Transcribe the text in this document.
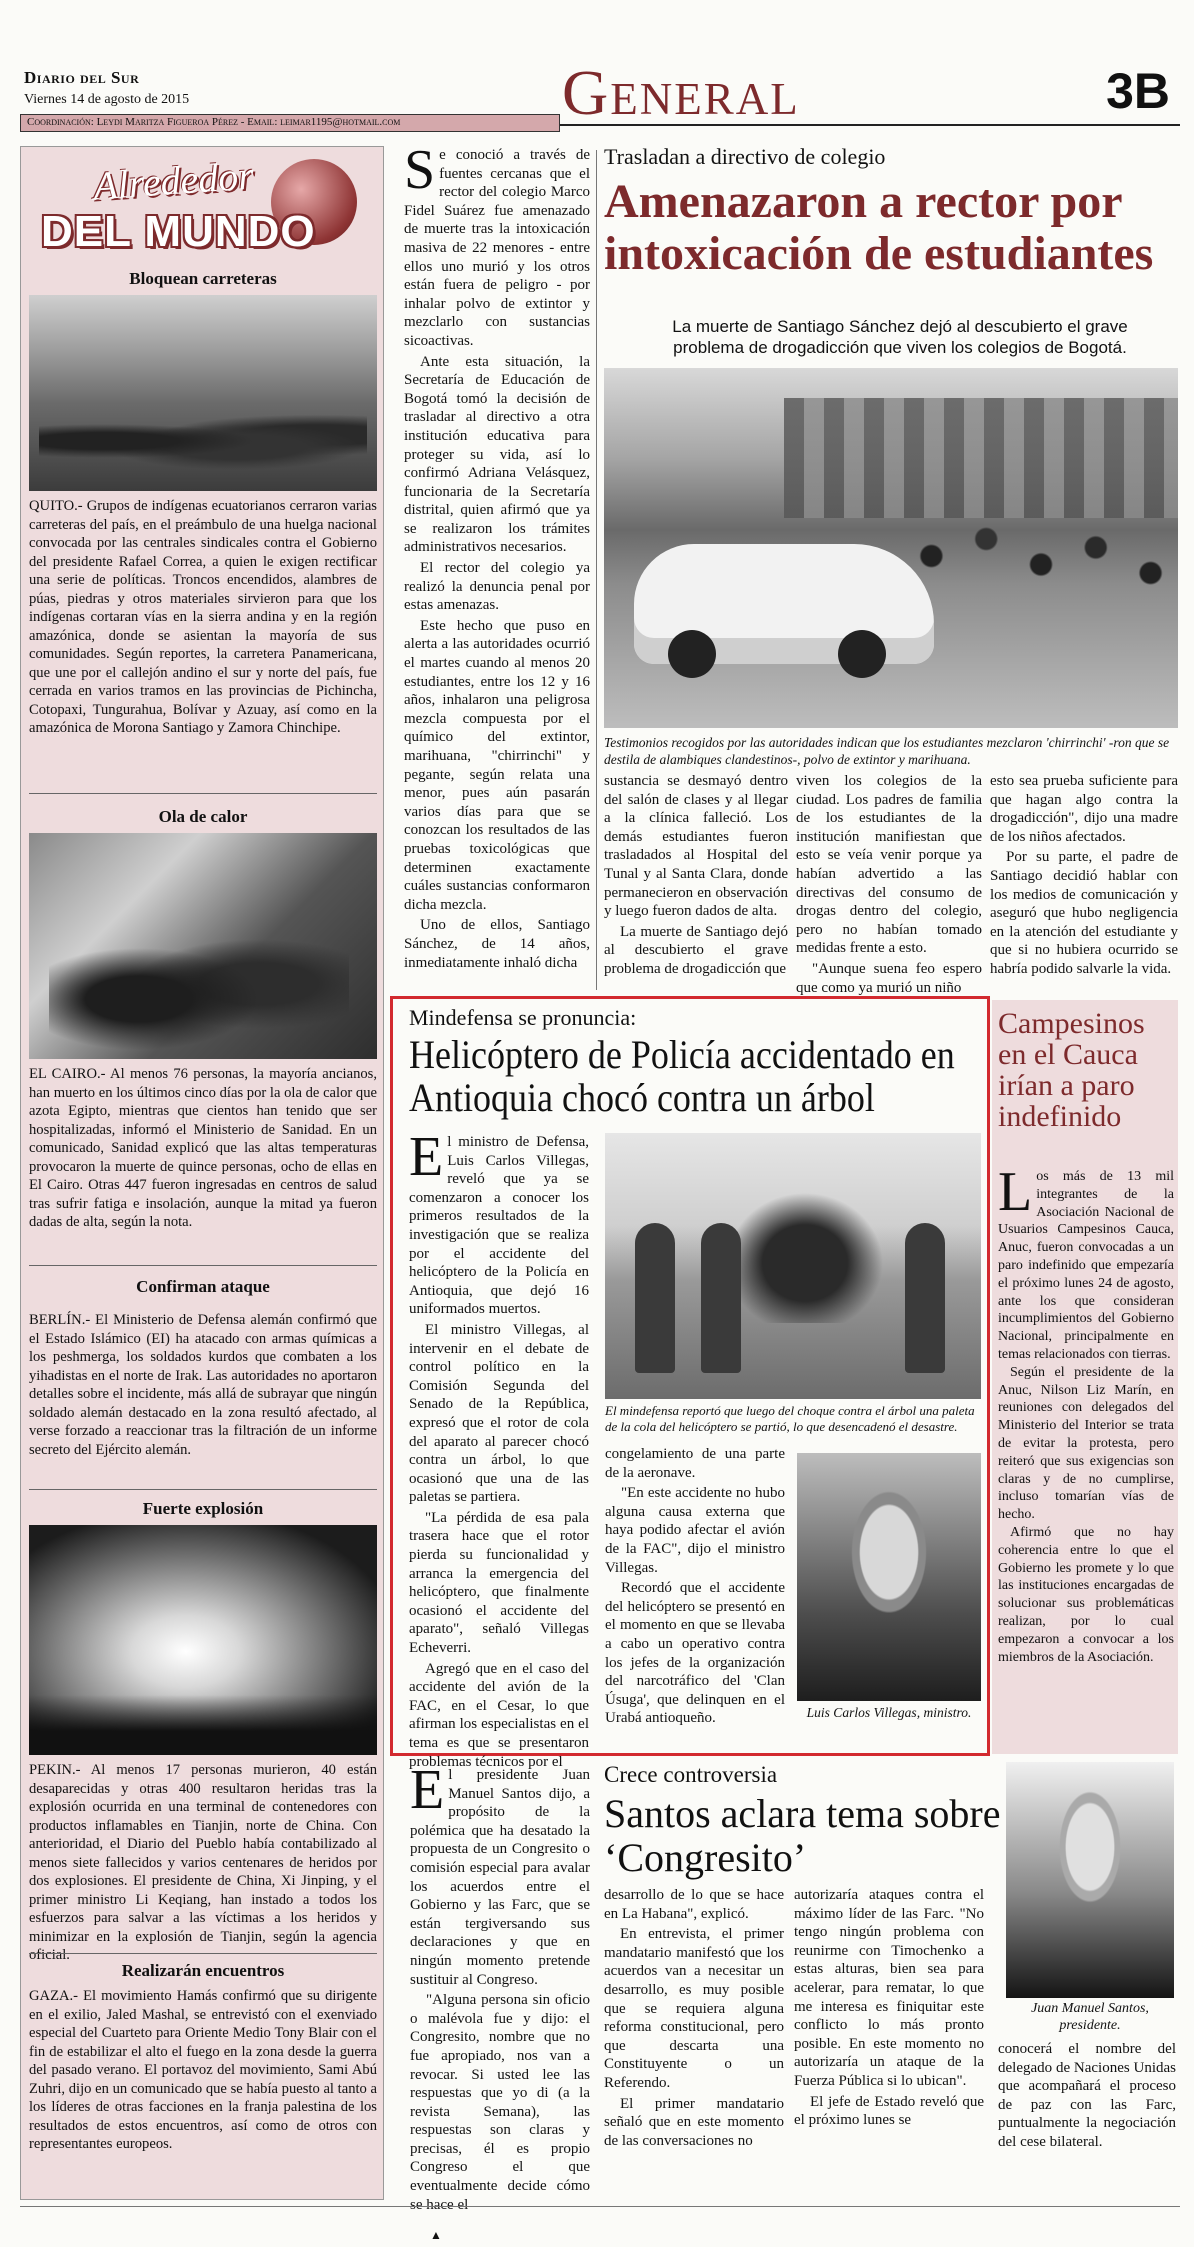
Diario del Sur
Viernes 14 de agosto de 2015
Coordinación: Leydi Maritza Figueroa Pérez - Email: leimar1195@hotmail.com	General	3B
Alrededor
DEL MUNDO
Bloquean carreteras

QUITO.- Grupos de indígenas ecuatorianos cerraron varias carreteras del país, en el preámbulo de una huelga nacional convocada por las centrales sindicales contra el Gobierno del presidente Rafael Correa, a quien le exigen rectificar una serie de políticas. Troncos encendidos, alambres de púas, piedras y otros materiales sirvieron para que los indígenas cortaran vías en la sierra andina y en la región amazónica, donde se asientan la mayoría de sus comunidades. Según reportes, la carretera Panamericana, que une por el callejón andino el sur y norte del país, fue cerrada en varios tramos en las provincias de Pichincha, Cotopaxi, Tungurahua, Bolívar y Azuay, así como en la amazónica de Morona Santiago y Zamora Chinchipe.

Ola de calor

EL CAIRO.- Al menos 76 personas, la mayoría ancianos, han muerto en los últimos cinco días por la ola de calor que azota Egipto, mientras que cientos han tenido que ser hospitalizadas, informó el Ministerio de Sanidad. En un comunicado, Sanidad explicó que las altas temperaturas provocaron la muerte de quince personas, ocho de ellas en El Cairo. Otras 447 fueron ingresadas en centros de salud tras sufrir fatiga e insolación, aunque la mitad ya fueron dadas de alta, según la nota.

Confirman ataque

BERLÍN.- El Ministerio de Defensa alemán confirmó que el Estado Islámico (EI) ha atacado con armas químicas a los peshmerga, los soldados kurdos que combaten a los yihadistas en el norte de Irak. Las autoridades no aportaron detalles sobre el incidente, más allá de subrayar que ningún soldado alemán destacado en la zona resultó afectado, al verse forzado a reaccionar tras la filtración de un informe secreto del Ejército alemán.

Fuerte explosión

PEKIN.- Al menos 17 personas murieron, 40 están desaparecidas y otras 400 resultaron heridas tras la explosión ocurrida en una terminal de contenedores con productos inflamables en Tianjin, norte de China. Con anterioridad, el Diario del Pueblo había contabilizado al menos siete fallecidos y varios centenares de heridos por dos explosiones. El presidente de China, Xi Jinping, y el primer ministro Li Keqiang, han instado a todos los esfuerzos para salvar a las víctimas a los heridos y minimizar en la explosión de Tianjin, según la agencia oficial.

Realizarán encuentros

GAZA.- El movimiento Hamás confirmó que su dirigente en el exilio, Jaled Mashal, se entrevistó con el exenviado especial del Cuarteto para Oriente Medio Tony Blair con el fin de estabilizar el alto el fuego en la zona desde la guerra del pasado verano. El portavoz del movimiento, Sami Abú Zuhri, dijo en un comunicado que se había puesto al tanto a los líderes de otras facciones en la franja palestina de los resultados de estos encuentros, así como de otros con representantes europeos.

Se conoció a través de fuentes cercanas que el rector del colegio Marco Fidel Suárez fue amenazado de muerte tras la intoxicación masiva de 22 menores - entre ellos uno murió y los otros están fuera de peligro - por inhalar polvo de extintor y mezclarlo con sustancias sicoactivas.

Ante esta situación, la Secretaría de Educación de Bogotá tomó la decisión de trasladar al directivo a otra institución educativa para proteger su vida, así lo confirmó Adriana Velásquez, funcionaria de la Secretaría distrital, quien afirmó que ya se realizaron los trámites administrativos necesarios.

El rector del colegio ya realizó la denuncia penal por estas amenazas.

Este hecho que puso en alerta a las autoridades ocurrió el martes cuando al menos 20 estudiantes, entre los 12 y 16 años, inhalaron una peligrosa mezcla compuesta por el químico del extintor, marihuana, "chirrinchi" y pegante, según relata una menor, pues aún pasarán varios días para que se conozcan los resultados de las pruebas toxicológicas que determinen exactamente cuáles sustancias conformaron dicha mezcla.

Uno de ellos, Santiago Sánchez, de 14 años, inmediatamente inhaló dicha

Trasladan a directivo de colegio
Amenazaron a rector por intoxicación de estudiantes
La muerte de Santiago Sánchez dejó al descubierto el grave problema de drogadicción que viven los colegios de Bogotá.
Testimonios recogidos por las autoridades indican que los estudiantes mezclaron 'chirrinchi' -ron que se destila de alambiques clandestinos-, polvo de extintor y marihuana.

sustancia se desmayó dentro del salón de clases y al llegar a la clínica falleció. Los demás estudiantes fueron trasladados al Hospital del Tunal y al Santa Clara, donde permanecieron en observación y luego fueron dados de alta.

La muerte de Santiago dejó al descubierto el grave problema de drogadicción que

viven los colegios de la ciudad. Los padres de familia de los estudiantes de la institución manifiestan que esto se veía venir porque ya habían advertido a las directivas del consumo de drogas dentro del colegio, pero no habían tomado medidas frente a esto.

"Aunque suena feo espero que como ya murió un niño

esto sea prueba suficiente para que hagan algo contra la drogadicción", dijo una madre de los niños afectados.

Por su parte, el padre de Santiago decidió hablar con los medios de comunicación y aseguró que hubo negligencia en la atención del estudiante y que si no hubiera ocurrido se habría podido salvarle la vida.

Mindefensa se pronuncia:
Helicóptero de Policía accidentado en Antioquia chocó contra un árbol

El ministro de Defensa, Luis Carlos Villegas, reveló que ya se comenzaron a conocer los primeros resultados de la investigación que se realiza por el accidente del helicóptero de la Policía en Antioquia, que dejó 16 uniformados muertos.

El ministro Villegas, al intervenir en el debate de control político en la Comisión Segunda del Senado de la República, expresó que el rotor de cola del aparato al parecer chocó contra un árbol, lo que ocasionó que una de las paletas se partiera.

"La pérdida de esa pala trasera hace que el rotor pierda su funcionalidad y arranca la emergencia del helicóptero, que finalmente ocasionó el accidente del aparato", señaló Villegas Echeverri.

Agregó que en el caso del accidente del avión de la FAC, en el Cesar, lo que afirman los especialistas en el tema es que se presentaron problemas técnicos por el

El mindefensa reportó que luego del choque contra el árbol una paleta de la cola del helicóptero se partió, lo que desencadenó el desastre.

congelamiento de una parte de la aeronave.

"En este accidente no hubo alguna causa externa que haya podido afectar el avión de la FAC", dijo el ministro Villegas.

Recordó que el accidente del helicóptero se presentó en el momento en que se llevaba a cabo un operativo contra los jefes de la organización del narcotráfico del 'Clan Úsuga', que delinquen en el Urabá antioqueño.	Luis Carlos Villegas, ministro.
Campesinos en el Cauca irían a paro indefinido

Los más de 13 mil integrantes de la Asociación Nacional de Usuarios Campesinos Cauca, Anuc, fueron convocadas a un paro indefinido que empezaría el próximo lunes 24 de agosto, ante los que consideran incumplimientos del Gobierno Nacional, principalmente en temas relacionados con tierras.

Según el presidente de la Anuc, Nilson Liz Marín, en reuniones con delegados del Ministerio del Interior se trata de evitar la protesta, pero reiteró que sus exigencias son claras y de no cumplirse, incluso tomarían vías de hecho.

Afirmó que no hay coherencia entre lo que el Gobierno les promete y lo que las instituciones encargadas de solucionar sus problemáticas realizan, por lo cual empezaron a convocar a los miembros de la Asociación.

El presidente Juan Manuel Santos dijo, a propósito de la polémica que ha desatado la propuesta de un Congresito o comisión especial para avalar los acuerdos entre el Gobierno y las Farc, que se están tergiversando sus declaraciones y que en ningún momento pretende sustituir al Congreso.

"Alguna persona sin oficio o malévola fue y dijo: el Congresito, nombre que no fue apropiado, nos van a revocar. Si usted lee las respuestas que yo di (a la revista Semana), las respuestas son claras y precisas, él es propio Congreso el que eventualmente decide cómo se hace el

Crece controversia
Santos aclara tema sobre ‘Congresito’

desarrollo de lo que se hace en La Habana", explicó.

En entrevista, el primer mandatario manifestó que los acuerdos van a necesitar un desarrollo, es muy posible que se requiera alguna reforma constitucional, pero que descarta una Constituyente o un Referendo.

El primer mandatario señaló que en este momento de las conversaciones no

autorizaría ataques contra el máximo líder de las Farc. "No tengo ningún problema con reunirme con Timochenko a estas alturas, bien sea para acelerar, para rematar, lo que me interesa es finiquitar este conflicto lo más pronto posible. En este momento no autorizaría un ataque de la Fuerza Pública si lo ubican".

El jefe de Estado reveló que el próximo lunes se

Juan Manuel Santos, presidente.

conocerá el nombre del delegado de Naciones Unidas que acompañará el proceso de paz con las Farc, puntualmente la negociación del cese bilateral.

▲
